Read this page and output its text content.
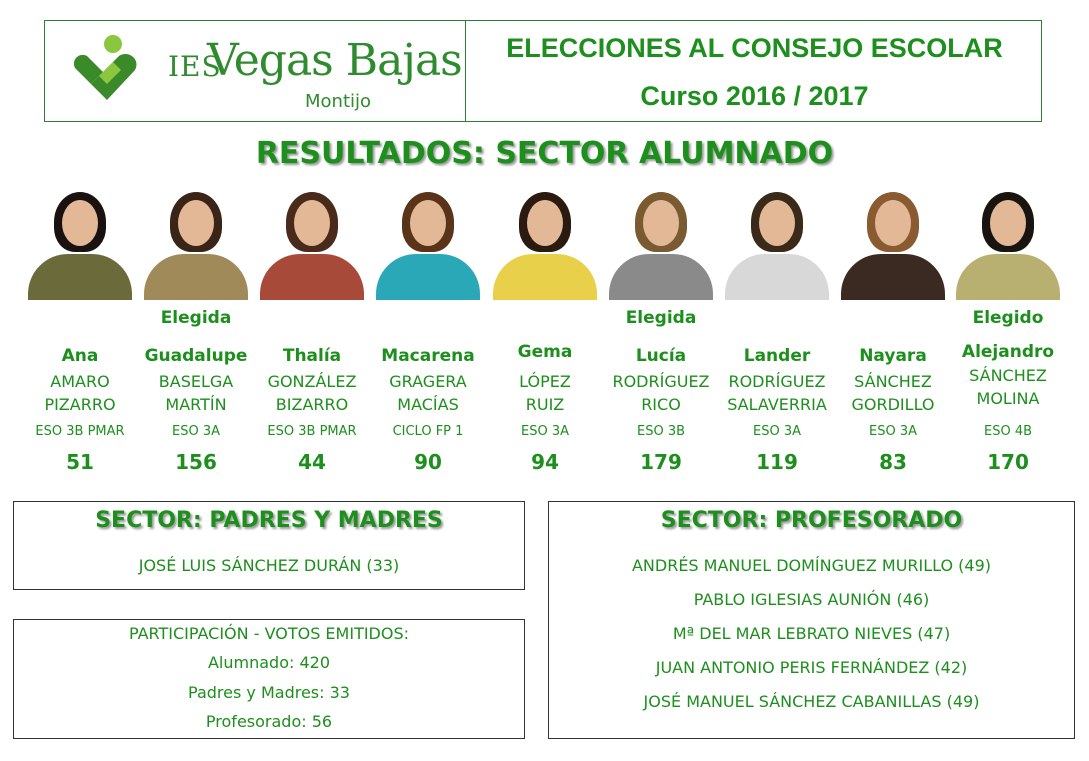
IES
Vegas Bajas
Montijo
ELECCIONES AL CONSEJO ESCOLAR
Curso 2016 / 2017
RESULTADOS: SECTOR ALUMNADO
Ana
AMARO
PIZARRO
ESO 3B PMAR
51
Elegida
Guadalupe
BASELGA
MARTÍN
ESO 3A
156
Thalía
GONZÁLEZ
BIZARRO
ESO 3B PMAR
44
Macarena
GRAGERA
MACÍAS
CICLO FP 1
90
Gema
LÓPEZ
RUIZ
ESO 3A
94
Elegida
Lucía
RODRÍGUEZ
RICO
ESO 3B
179
Lander
RODRÍGUEZ
SALAVERRIA
ESO 3A
119
Nayara
SÁNCHEZ
GORDILLO
ESO 3A
83
Elegido
Alejandro
SÁNCHEZ
MOLINA
ESO 4B
170
SECTOR: PADRES Y MADRES
JOSÉ LUIS SÁNCHEZ DURÁN (33)
PARTICIPACIÓN - VOTOS EMITIDOS:
Alumnado: 420
Padres y Madres: 33
Profesorado: 56
SECTOR: PROFESORADO
ANDRÉS MANUEL DOMÍNGUEZ MURILLO (49)
PABLO IGLESIAS AUNIÓN (46)
Mª DEL MAR LEBRATO NIEVES (47)
JUAN ANTONIO PERIS FERNÁNDEZ (42)
JOSÉ MANUEL SÁNCHEZ CABANILLAS (49)
